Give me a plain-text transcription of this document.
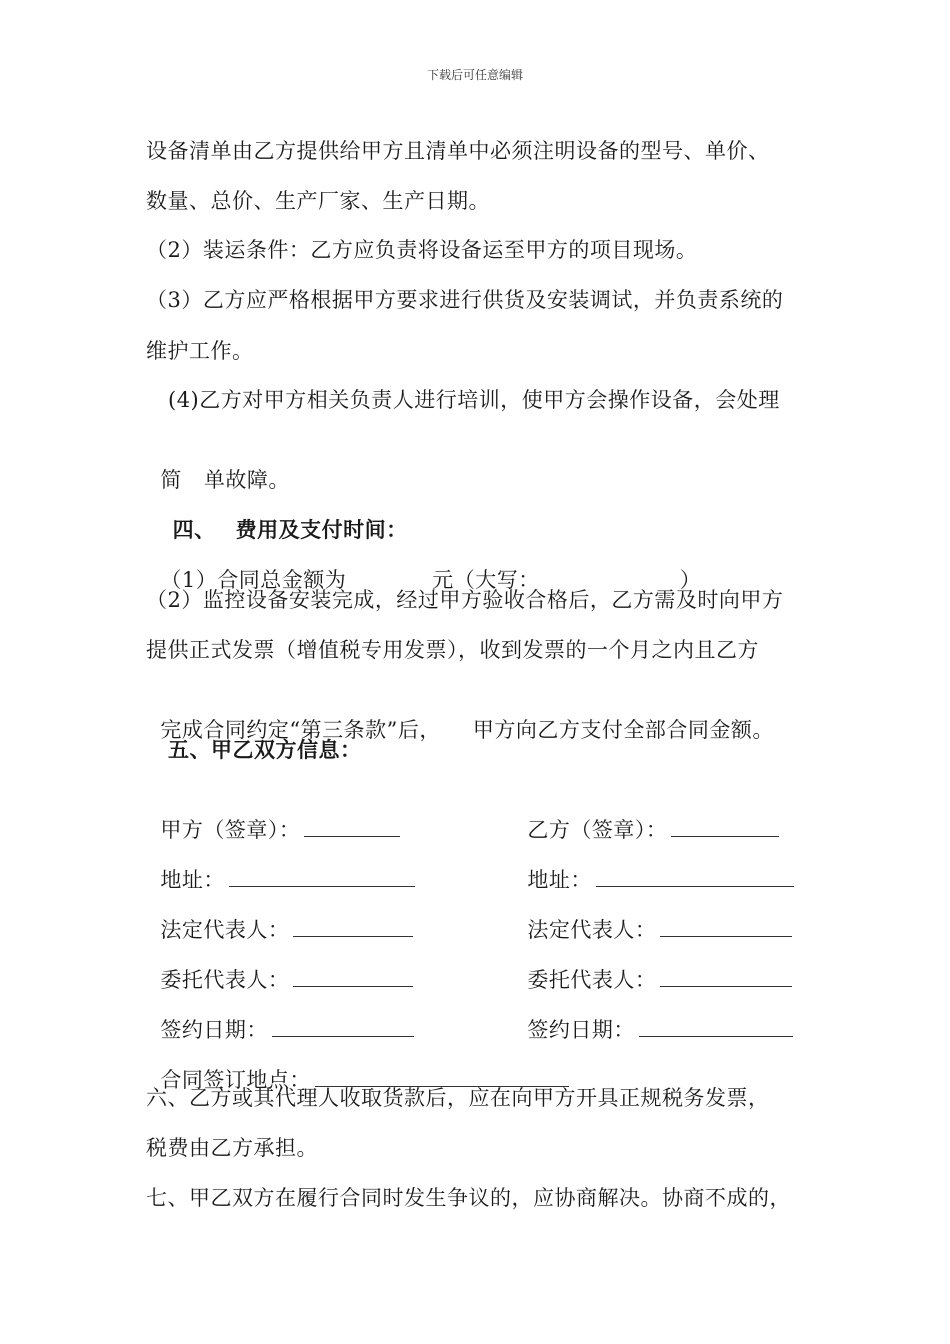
下载后可任意编辑
设备清单由乙方提供给甲方且清单中必须注明设备的型号、单价、
数量、总价、生产厂家、生产日期。
（2）装运条件：乙方应负责将设备运至甲方的项目现场。
（3）乙方应严格根据甲方要求进行供货及安装调试，并负责系统的
维护工作。
(4)乙方对甲方相关负责人进行培训，使甲方会操作设备，会处理

简 单故障。

四、 费用及支付时间：

（1）合同总金额为	元（大写：	）

（2）监控设备安装完成，经过甲方验收合格后，乙方需及时向甲方
提供正式发票（增值税专用发票），收到发票的一个月之内且乙方

完成合同约定“第三条款”后， 甲方向乙方支付全部合同金额。

五、甲乙双方信息：

甲方（签章）：	乙方（签章）：

地址：	地址：

法定代表人：	法定代表人：

委托代表人：	委托代表人：

签约日期：	签约日期：

合同签订地点：

六、乙方或其代理人收取货款后，应在向甲方开具正规税务发票，
税费由乙方承担。
七、甲乙双方在履行合同时发生争议的，应协商解决。协商不成的，
